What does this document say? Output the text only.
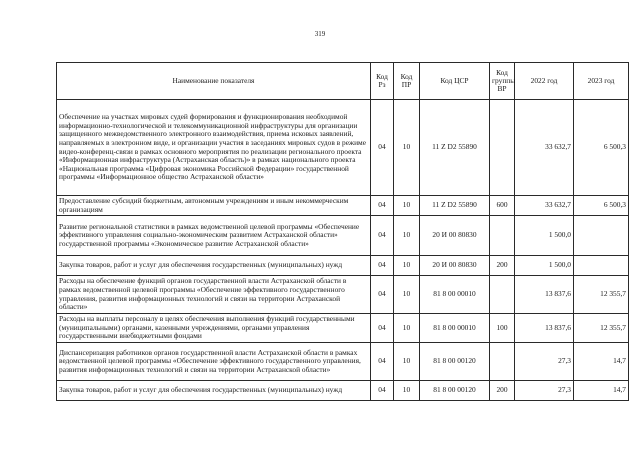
319
Наименование показателя	Код Рз	Код ПР	Код ЦСР	Код группы ВР	2022 год	2023 год
Обеспечение на участках мировых судей формирования и функционирования необходимой информационно-технологической и телекоммуникационной инфраструктуры для организации защищенного межведомственного электронного взаимодействия, приема исковых заявлений, направляемых в электронном виде, и организации участия в заседаниях мировых судов в режиме видео-конференц-связи в рамках основного мероприятия по реализации регионального проекта «Информационная инфраструктура (Астраханская область)» в рамках национального проекта «Национальная программа «Цифровая экономика Российской Федерации» государственной программы «Информационное общество Астраханской области»	04	10	11 Z D2 55890		33 632,7	6 500,3
Предоставление субсидий бюджетным, автономным учреждениям и иным некоммерческим организациям	04	10	11 Z D2 55890	600	33 632,7	6 500,3
Развитие региональной статистики в рамках ведомственной целевой программы «Обеспечение эффективного управления социально-экономическим развитием Астраханской области» государственной программы «Экономическое развитие Астраханской области»	04	10	20 И 00 80830		1 500,0	
Закупка товаров, работ и услуг для обеспечения государственных (муниципальных) нужд	04	10	20 И 00 80830	200	1 500,0	
Расходы на обеспечение функций органов государственной власти Астраханской области в рамках ведомственной целевой программы «Обеспечение эффективного государственного управления, развития информационных технологий и связи на территории Астраханской области»	04	10	81 8 00 00010		13 837,6	12 355,7
Расходы на выплаты персоналу в целях обеспечения выполнения функций государственными (муниципальными) органами, казенными учреждениями, органами управления государственными внебюджетными фондами	04	10	81 8 00 00010	100	13 837,6	12 355,7
Диспансеризация работников органов государственной власти Астраханской области в рамках ведомственной целевой программы «Обеспечение эффективного государственного управления, развития информационных технологий и связи на территории Астраханской области»	04	10	81 8 00 00120		27,3	14,7
Закупка товаров, работ и услуг для обеспечения государственных (муниципальных) нужд	04	10	81 8 00 00120	200	27,3	14,7
